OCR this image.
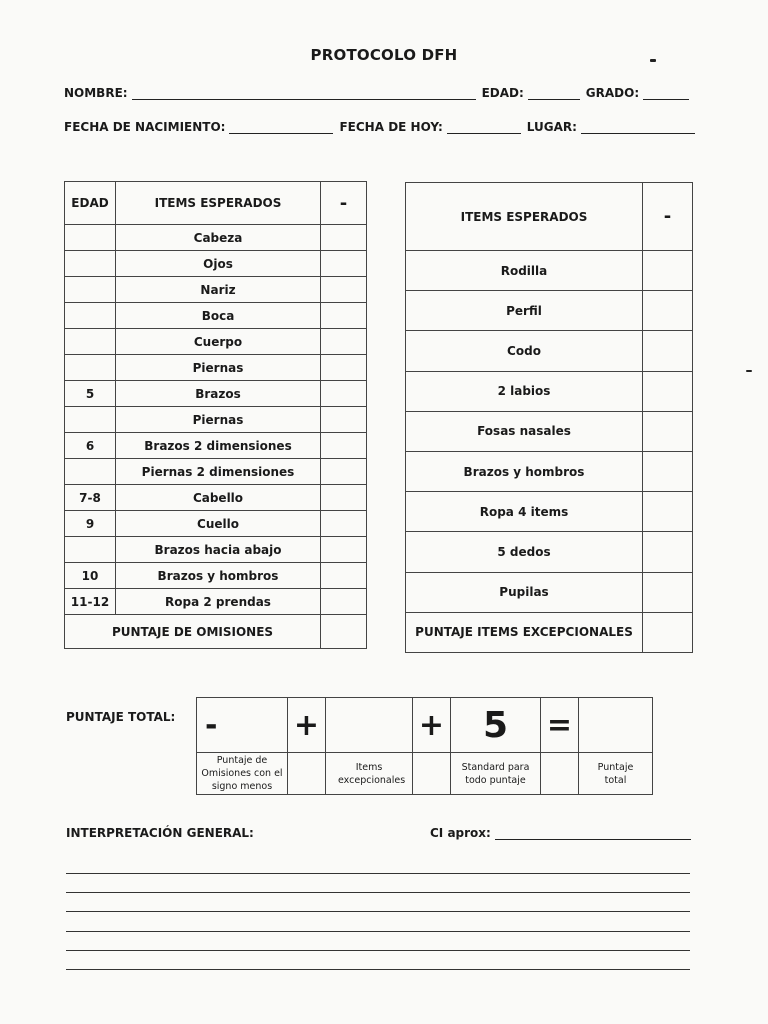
PROTOCOLO DFH
NOMBRE:	EDAD:	GRADO:
FECHA DE NACIMIENTO:	FECHA DE HOY:	LUGAR:
EDAD	ITEMS ESPERADOS	-
	Cabeza	
	Ojos	
	Nariz	
	Boca	
	Cuerpo	
	Piernas	
5	Brazos	
	Piernas	
6	Brazos 2 dimensiones	
	Piernas 2 dimensiones	
7-8	Cabello	
9	Cuello	
	Brazos hacia abajo	
10	Brazos y hombros	
11-12	Ropa 2 prendas	
PUNTAJE DE OMISIONES		
ITEMS ESPERADOS	-
Rodilla	
Perfil	
Codo	
2 labios	
Fosas nasales	
Brazos y hombros	
Ropa 4 items	
5 dedos	
Pupilas	
PUNTAJE ITEMS EXCEPCIONALES	
PUNTAJE TOTAL: -	+		+	5	=	
Puntaje de Omisiones con el signo menos		Items excepcionales		Standard para todo puntaje		Puntaje total
INTERPRETACIÓN GENERAL:	CI aprox:
